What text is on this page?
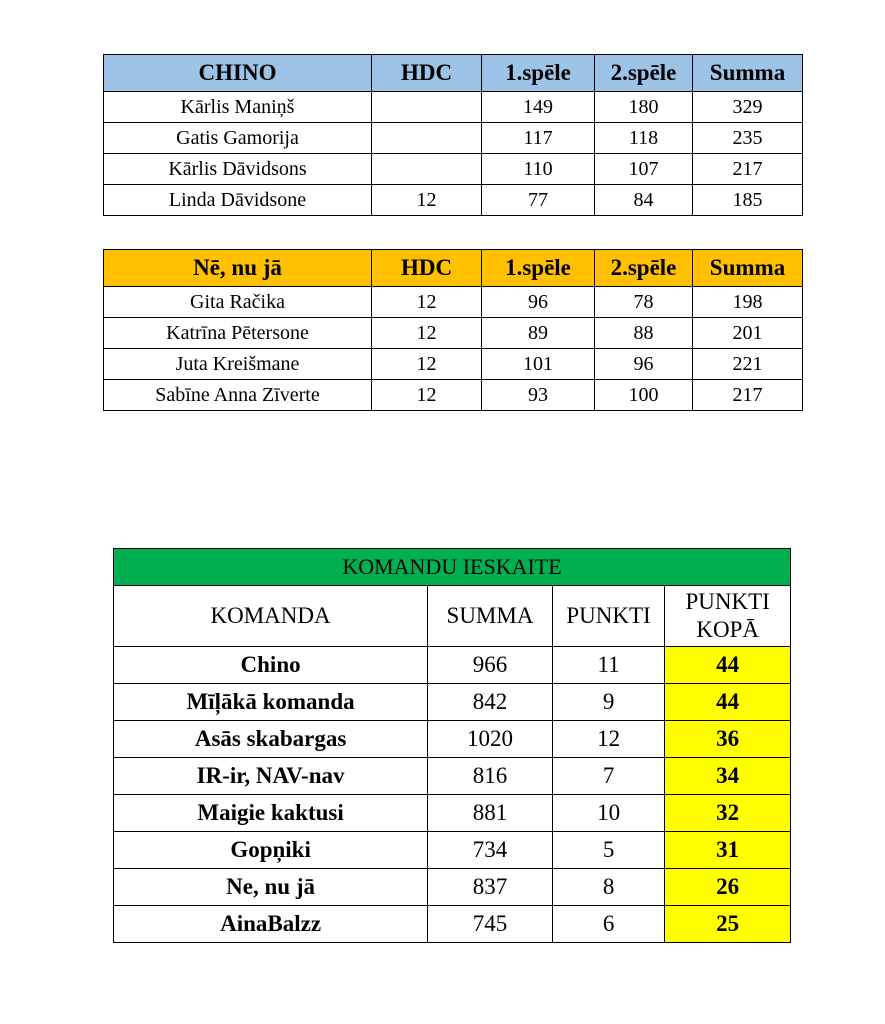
CHINO	HDC	1.spēle	2.spēle	Summa
Kārlis Maniņš		149	180	329
Gatis Gamorija		117	118	235
Kārlis Dāvidsons		110	107	217
Linda Dāvidsone	12	77	84	185
Nē, nu jā	HDC	1.spēle	2.spēle	Summa
Gita Račika	12	96	78	198
Katrīna Pētersone	12	89	88	201
Juta Kreišmane	12	101	96	221
Sabīne Anna Zīverte	12	93	100	217
KOMANDU IESKAITE			
KOMANDA	SUMMA	PUNKTI	PUNKTI
KOPĀ
Chino	966	11	44
Mīļākā komanda	842	9	44
Asās skabargas	1020	12	36
IR-ir, NAV-nav	816	7	34
Maigie kaktusi	881	10	32
Gopņiki	734	5	31
Ne, nu jā	837	8	26
AinaBalzz	745	6	25
